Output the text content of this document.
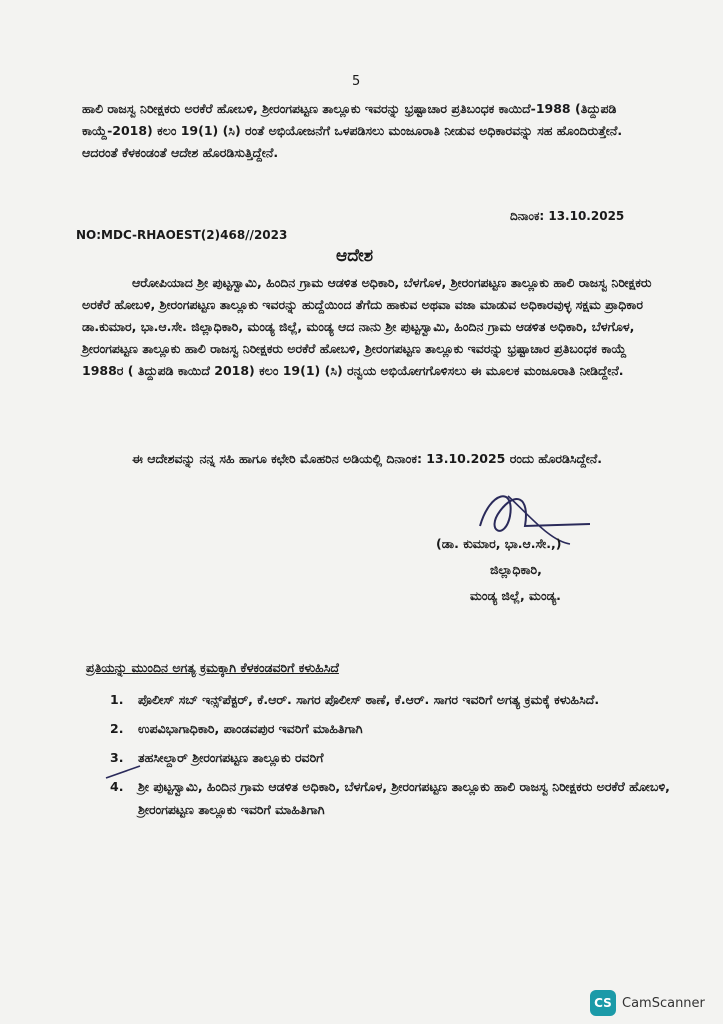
5
ಹಾಲಿ ರಾಜಸ್ವ ನಿರೀಕ್ಷಕರು ಅರಕೆರೆ ಹೋಬಳಿ, ಶ್ರೀರಂಗಪಟ್ಟಣ ತಾಲ್ಲೂಕು ಇವರನ್ನು ಭ್ರಷ್ಟಾಚಾರ ಪ್ರತಿಬಂಧಕ ಕಾಯಿದೆ-1988 (ತಿದ್ದುಪಡಿ ಕಾಯ್ದೆ-2018) ಕಲಂ 19(1) (ಸಿ) ರಂತೆ ಅಭಿಯೋಜನೆಗೆ ಒಳಪಡಿಸಲು ಮಂಜೂರಾತಿ ನೀಡುವ ಅಧಿಕಾರವನ್ನು ಸಹ ಹೊಂದಿರುತ್ತೇನೆ. ಆದರಂತೆ ಕೆಳಕಂಡಂತೆ ಆದೇಶ ಹೊರಡಿಸುತ್ತಿದ್ದೇನೆ.
ದಿನಾಂಕ: 13.10.2025
NO:MDC-RHAOEST(2)468//2023
ಆದೇಶ
ಆರೋಪಿಯಾದ ಶ್ರೀ ಪುಟ್ಟಸ್ವಾಮಿ, ಹಿಂದಿನ ಗ್ರಾಮ ಆಡಳಿತ ಅಧಿಕಾರಿ, ಬೆಳಗೊಳ, ಶ್ರೀರಂಗಪಟ್ಟಣ ತಾಲ್ಲೂಕು ಹಾಲಿ ರಾಜಸ್ವ ನಿರೀಕ್ಷಕರು ಅರಕೆರೆ ಹೋಬಳಿ, ಶ್ರೀರಂಗಪಟ್ಟಣ ತಾಲ್ಲೂಕು ಇವರನ್ನು ಹುದ್ದೆಯಿಂದ ತೆಗೆದು ಹಾಕುವ ಅಥವಾ ವಜಾ ಮಾಡುವ ಅಧಿಕಾರವುಳ್ಳ ಸಕ್ಷಮ ಪ್ರಾಧಿಕಾರ ಡಾ.ಕುಮಾರ, ಭಾ.ಆ.ಸೇ. ಜಿಲ್ಲಾಧಿಕಾರಿ, ಮಂಡ್ಯ ಜಿಲ್ಲೆ, ಮಂಡ್ಯ ಆದ ನಾನು ಶ್ರೀ ಪುಟ್ಟಸ್ವಾಮಿ, ಹಿಂದಿನ ಗ್ರಾಮ ಆಡಳಿತ ಅಧಿಕಾರಿ, ಬೆಳಗೊಳ, ಶ್ರೀರಂಗಪಟ್ಟಣ ತಾಲ್ಲೂಕು ಹಾಲಿ ರಾಜಸ್ವ ನಿರೀಕ್ಷಕರು ಅರಕೆರೆ ಹೋಬಳಿ, ಶ್ರೀರಂಗಪಟ್ಟಣ ತಾಲ್ಲೂಕು ಇವರನ್ನು ಭ್ರಷ್ಟಾಚಾರ ಪ್ರತಿಬಂಧಕ ಕಾಯ್ದೆ 1988ರ ( ತಿದ್ದುಪಡಿ ಕಾಯಿದೆ 2018) ಕಲಂ 19(1) (ಸಿ) ರನ್ವಯ ಅಭಿಯೋಗಗೊಳಿಸಲು ಈ ಮೂಲಕ ಮಂಜೂರಾತಿ ನೀಡಿದ್ದೇನೆ.
ಈ ಆದೇಶವನ್ನು ನನ್ನ ಸಹಿ ಹಾಗೂ ಕಛೇರಿ ಮೊಹರಿನ ಅಡಿಯಲ್ಲಿ ದಿನಾಂಕ: 13.10.2025 ರಂದು ಹೊರಡಿಸಿದ್ದೇನೆ.
(ಡಾ. ಕುಮಾರ, ಭಾ.ಆ.ಸೇ.,)
ಜಿಲ್ಲಾಧಿಕಾರಿ,
ಮಂಡ್ಯ ಜಿಲ್ಲೆ, ಮಂಡ್ಯ.
ಪ್ರತಿಯನ್ನು ಮುಂದಿನ ಅಗತ್ಯ ಕ್ರಮಕ್ಕಾಗಿ ಕೆಳಕಂಡವರಿಗೆ ಕಳುಹಿಸಿದೆ
1.	ಪೊಲೀಸ್ ಸಬ್ ಇನ್ಸ್‌ಪೆಕ್ಟರ್, ಕೆ.ಆರ್. ಸಾಗರ ಪೊಲೀಸ್ ಠಾಣೆ, ಕೆ.ಆರ್. ಸಾಗರ ಇವರಿಗೆ ಅಗತ್ಯ ಕ್ರಮಕ್ಕೆ ಕಳುಹಿಸಿದೆ.
2.	ಉಪವಿಭಾಗಾಧಿಕಾರಿ, ಪಾಂಡವಪುರ ಇವರಿಗೆ ಮಾಹಿತಿಗಾಗಿ
3.	ತಹಸೀಲ್ದಾರ್ ಶ್ರೀರಂಗಪಟ್ಟಣ ತಾಲ್ಲೂಕು ರವರಿಗೆ
4.	ಶ್ರೀ ಪುಟ್ಟಸ್ವಾಮಿ, ಹಿಂದಿನ ಗ್ರಾಮ ಆಡಳಿತ ಅಧಿಕಾರಿ, ಬೆಳಗೊಳ, ಶ್ರೀರಂಗಪಟ್ಟಣ ತಾಲ್ಲೂಕು ಹಾಲಿ ರಾಜಸ್ವ ನಿರೀಕ್ಷಕರು ಅರಕೆರೆ ಹೋಬಳಿ, ಶ್ರೀರಂಗಪಟ್ಟಣ ತಾಲ್ಲೂಕು ಇವರಿಗೆ ಮಾಹಿತಿಗಾಗಿ
CS CamScanner
